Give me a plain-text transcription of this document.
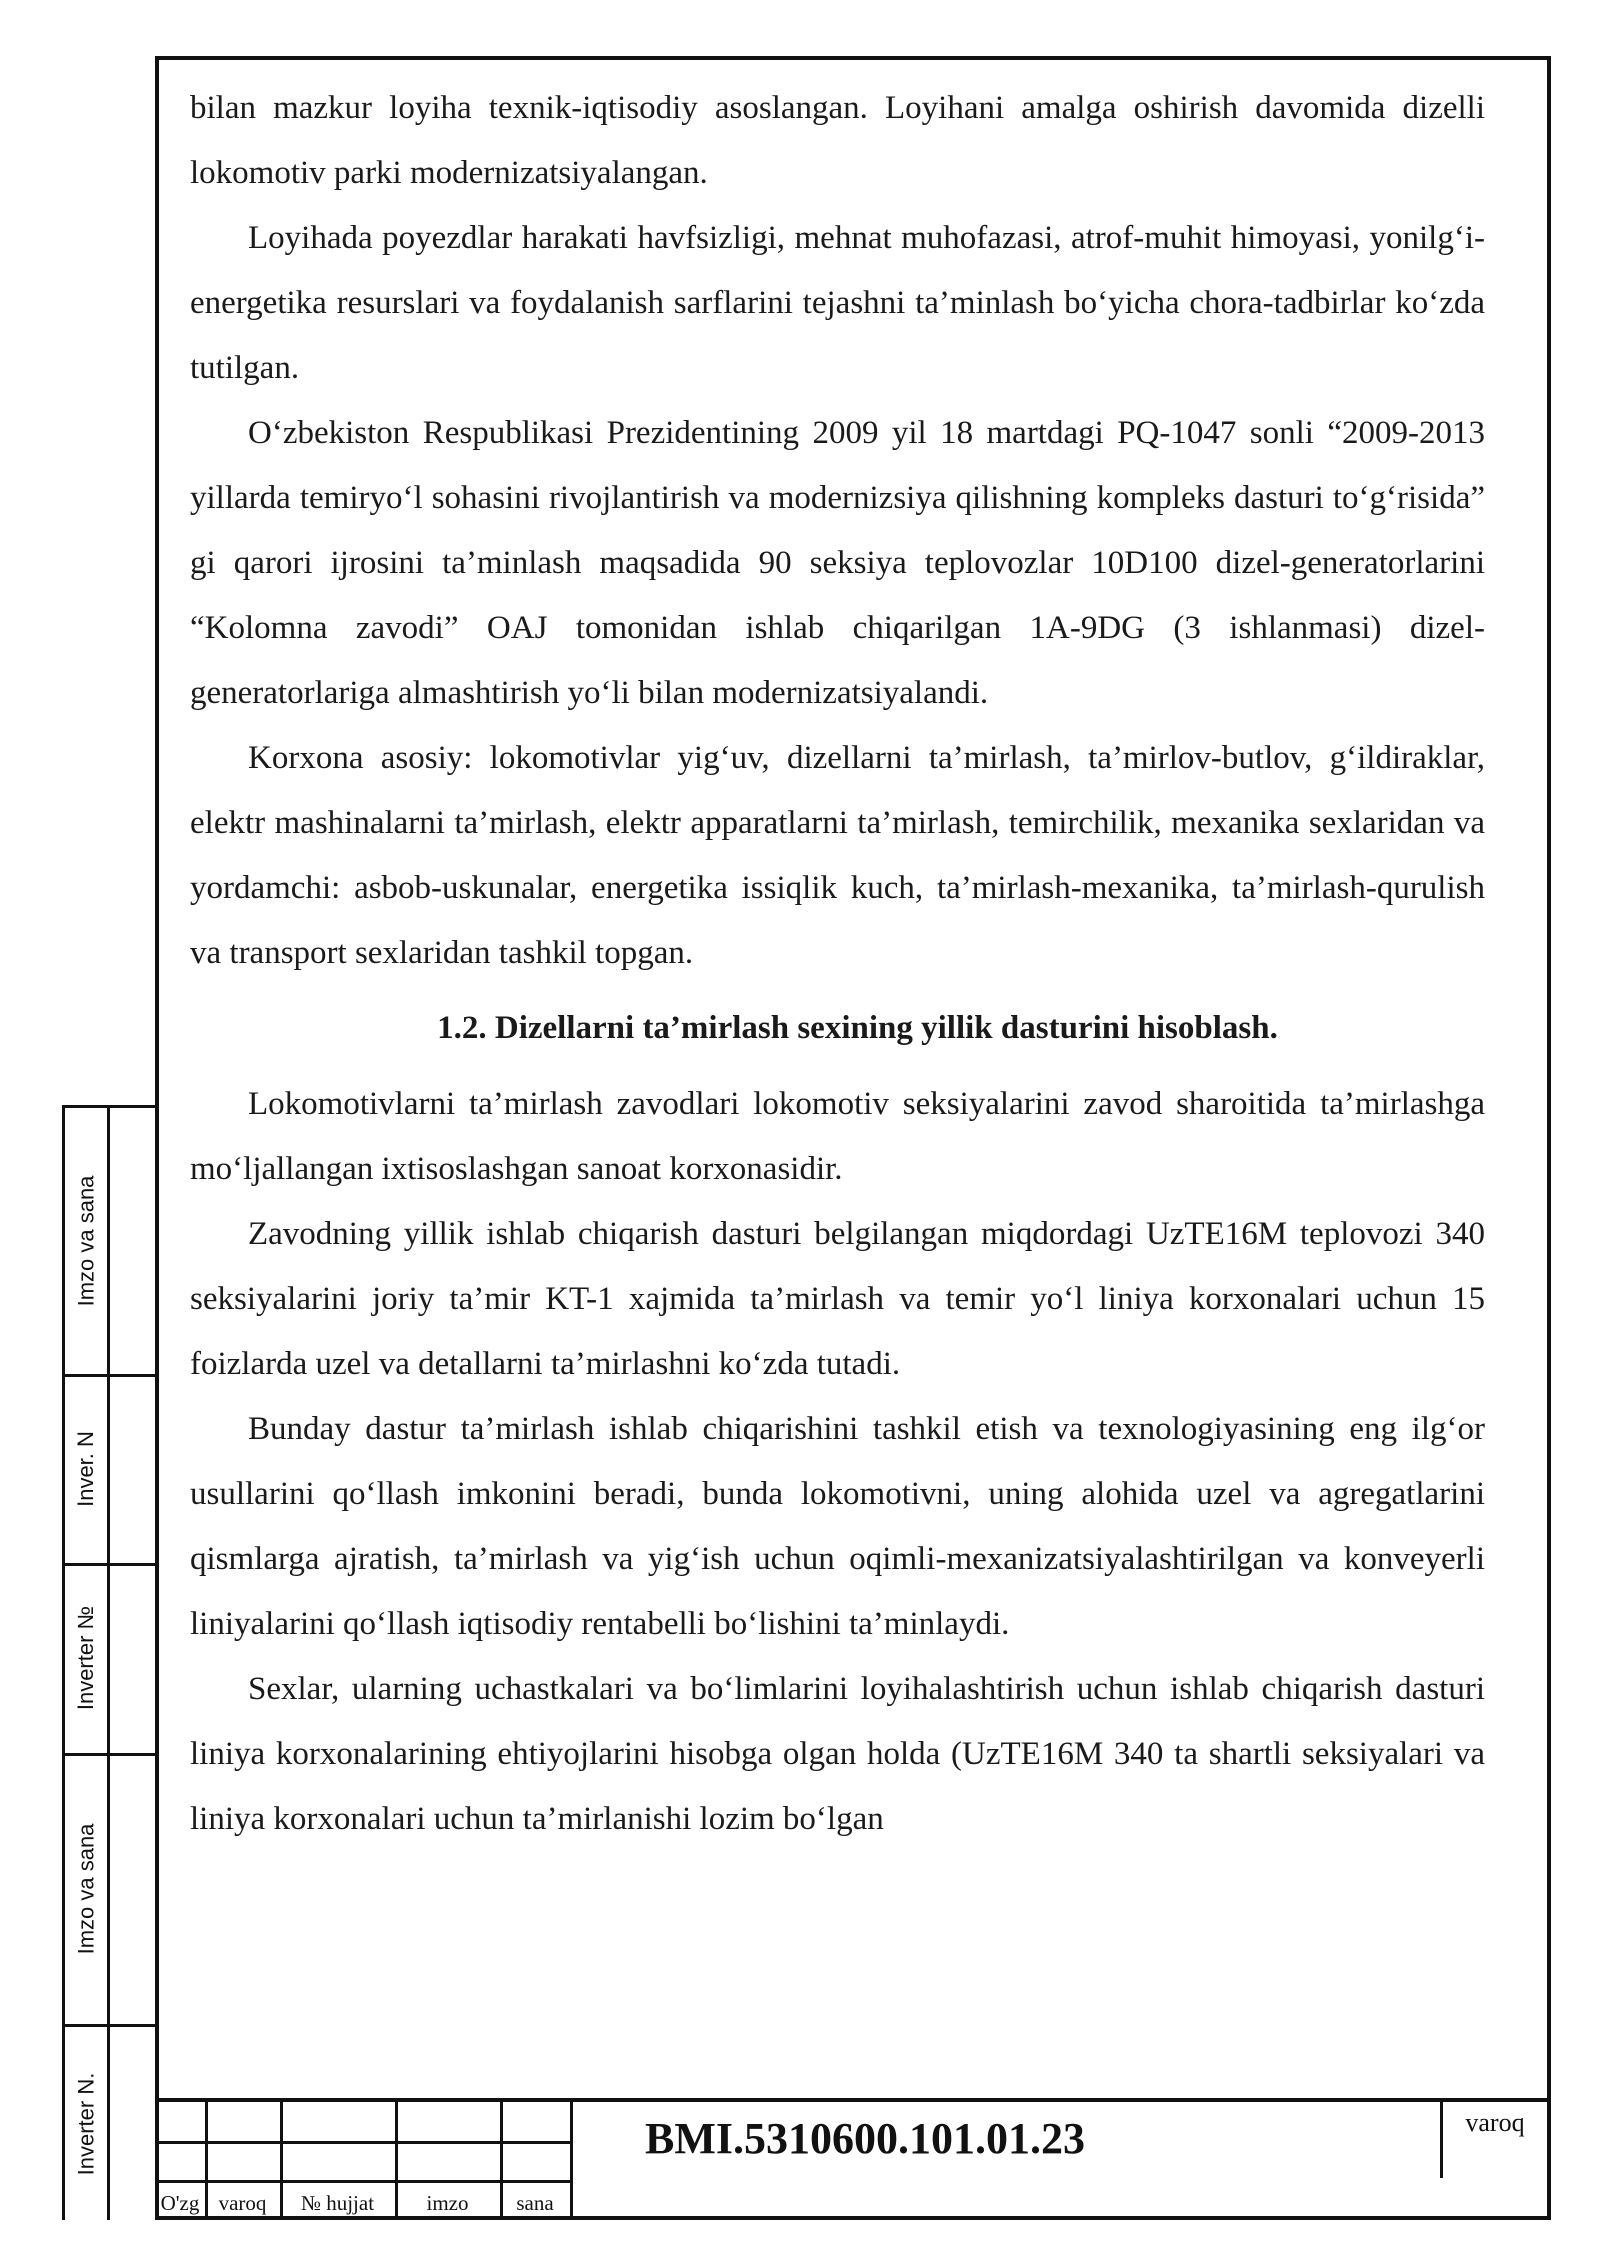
bilan mazkur loyiha texnik-iqtisodiy asoslangan. Loyihani amalga oshirish davomida dizelli lokomotiv parki modernizatsiyalangan.

Loyihada poyezdlar harakati havfsizligi, mehnat muhofazasi, atrof-muhit himoyasi, yonilg‘i-energetika resurslari va foydalanish sarflarini tejashni ta’minlash bo‘yicha chora-tadbirlar ko‘zda tutilgan.

O‘zbekiston Respublikasi Prezidentining 2009 yil 18 martdagi PQ-1047 sonli “2009-2013 yillarda temiryo‘l sohasini rivojlantirish va modernizsiya qilishning kompleks dasturi to‘g‘risida” gi qarori ijrosini ta’minlash maqsadida 90 seksiya teplovozlar 10D100 dizel-generatorlarini “Kolomna zavodi” OAJ tomonidan ishlab chiqarilgan 1A-9DG (3 ishlanmasi) dizel-generatorlariga almashtirish yo‘li bilan modernizatsiyalandi.

Korxona asosiy: lokomotivlar yig‘uv, dizellarni ta’mirlash, ta’mirlov-butlov, g‘ildiraklar, elektr mashinalarni ta’mirlash, elektr apparatlarni ta’mirlash, temirchilik, mexanika sexlaridan va yordamchi: asbob-uskunalar, energetika issiqlik kuch, ta’mirlash-mexanika, ta’mirlash-qurulish va transport sexlaridan tashkil topgan.

1.2. Dizellarni ta’mirlash sexining yillik dasturini hisoblash.

Lokomotivlarni ta’mirlash zavodlari lokomotiv seksiyalarini zavod sharoitida ta’mirlashga mo‘ljallangan ixtisoslashgan sanoat korxonasidir.

Zavodning yillik ishlab chiqarish dasturi belgilangan miqdordagi UzTE16M teplovozi 340 seksiyalarini joriy ta’mir KT-1 xajmida ta’mirlash va temir yo‘l liniya korxonalari uchun 15 foizlarda uzel va detallarni ta’mirlashni ko‘zda tutadi.

Bunday dastur ta’mirlash ishlab chiqarishini tashkil etish va texnologiyasining eng ilg‘or usullarini qo‘llash imkonini beradi, bunda lokomotivni, uning alohida uzel va agregatlarini qismlarga ajratish, ta’mirlash va yig‘ish uchun oqimli-mexanizatsiyalashtirilgan va konveyerli liniyalarini qo‘llash iqtisodiy rentabelli bo‘lishini ta’minlaydi.

Sexlar, ularning uchastkalari va bo‘limlarini loyihalashtirish uchun ishlab chiqarish dasturi liniya korxonalarining ehtiyojlarini hisobga olgan holda (UzTE16M 340 ta shartli seksiyalari va liniya korxonalari uchun ta’mirlanishi lozim bo‘lgan

Imzo va sana
Inver. N
Inverter №
Imzo va sana
Inverter N.
O'zg varoq	№ hujjat	imzo	sana
BMI.5310600.101.01.23	varoq
